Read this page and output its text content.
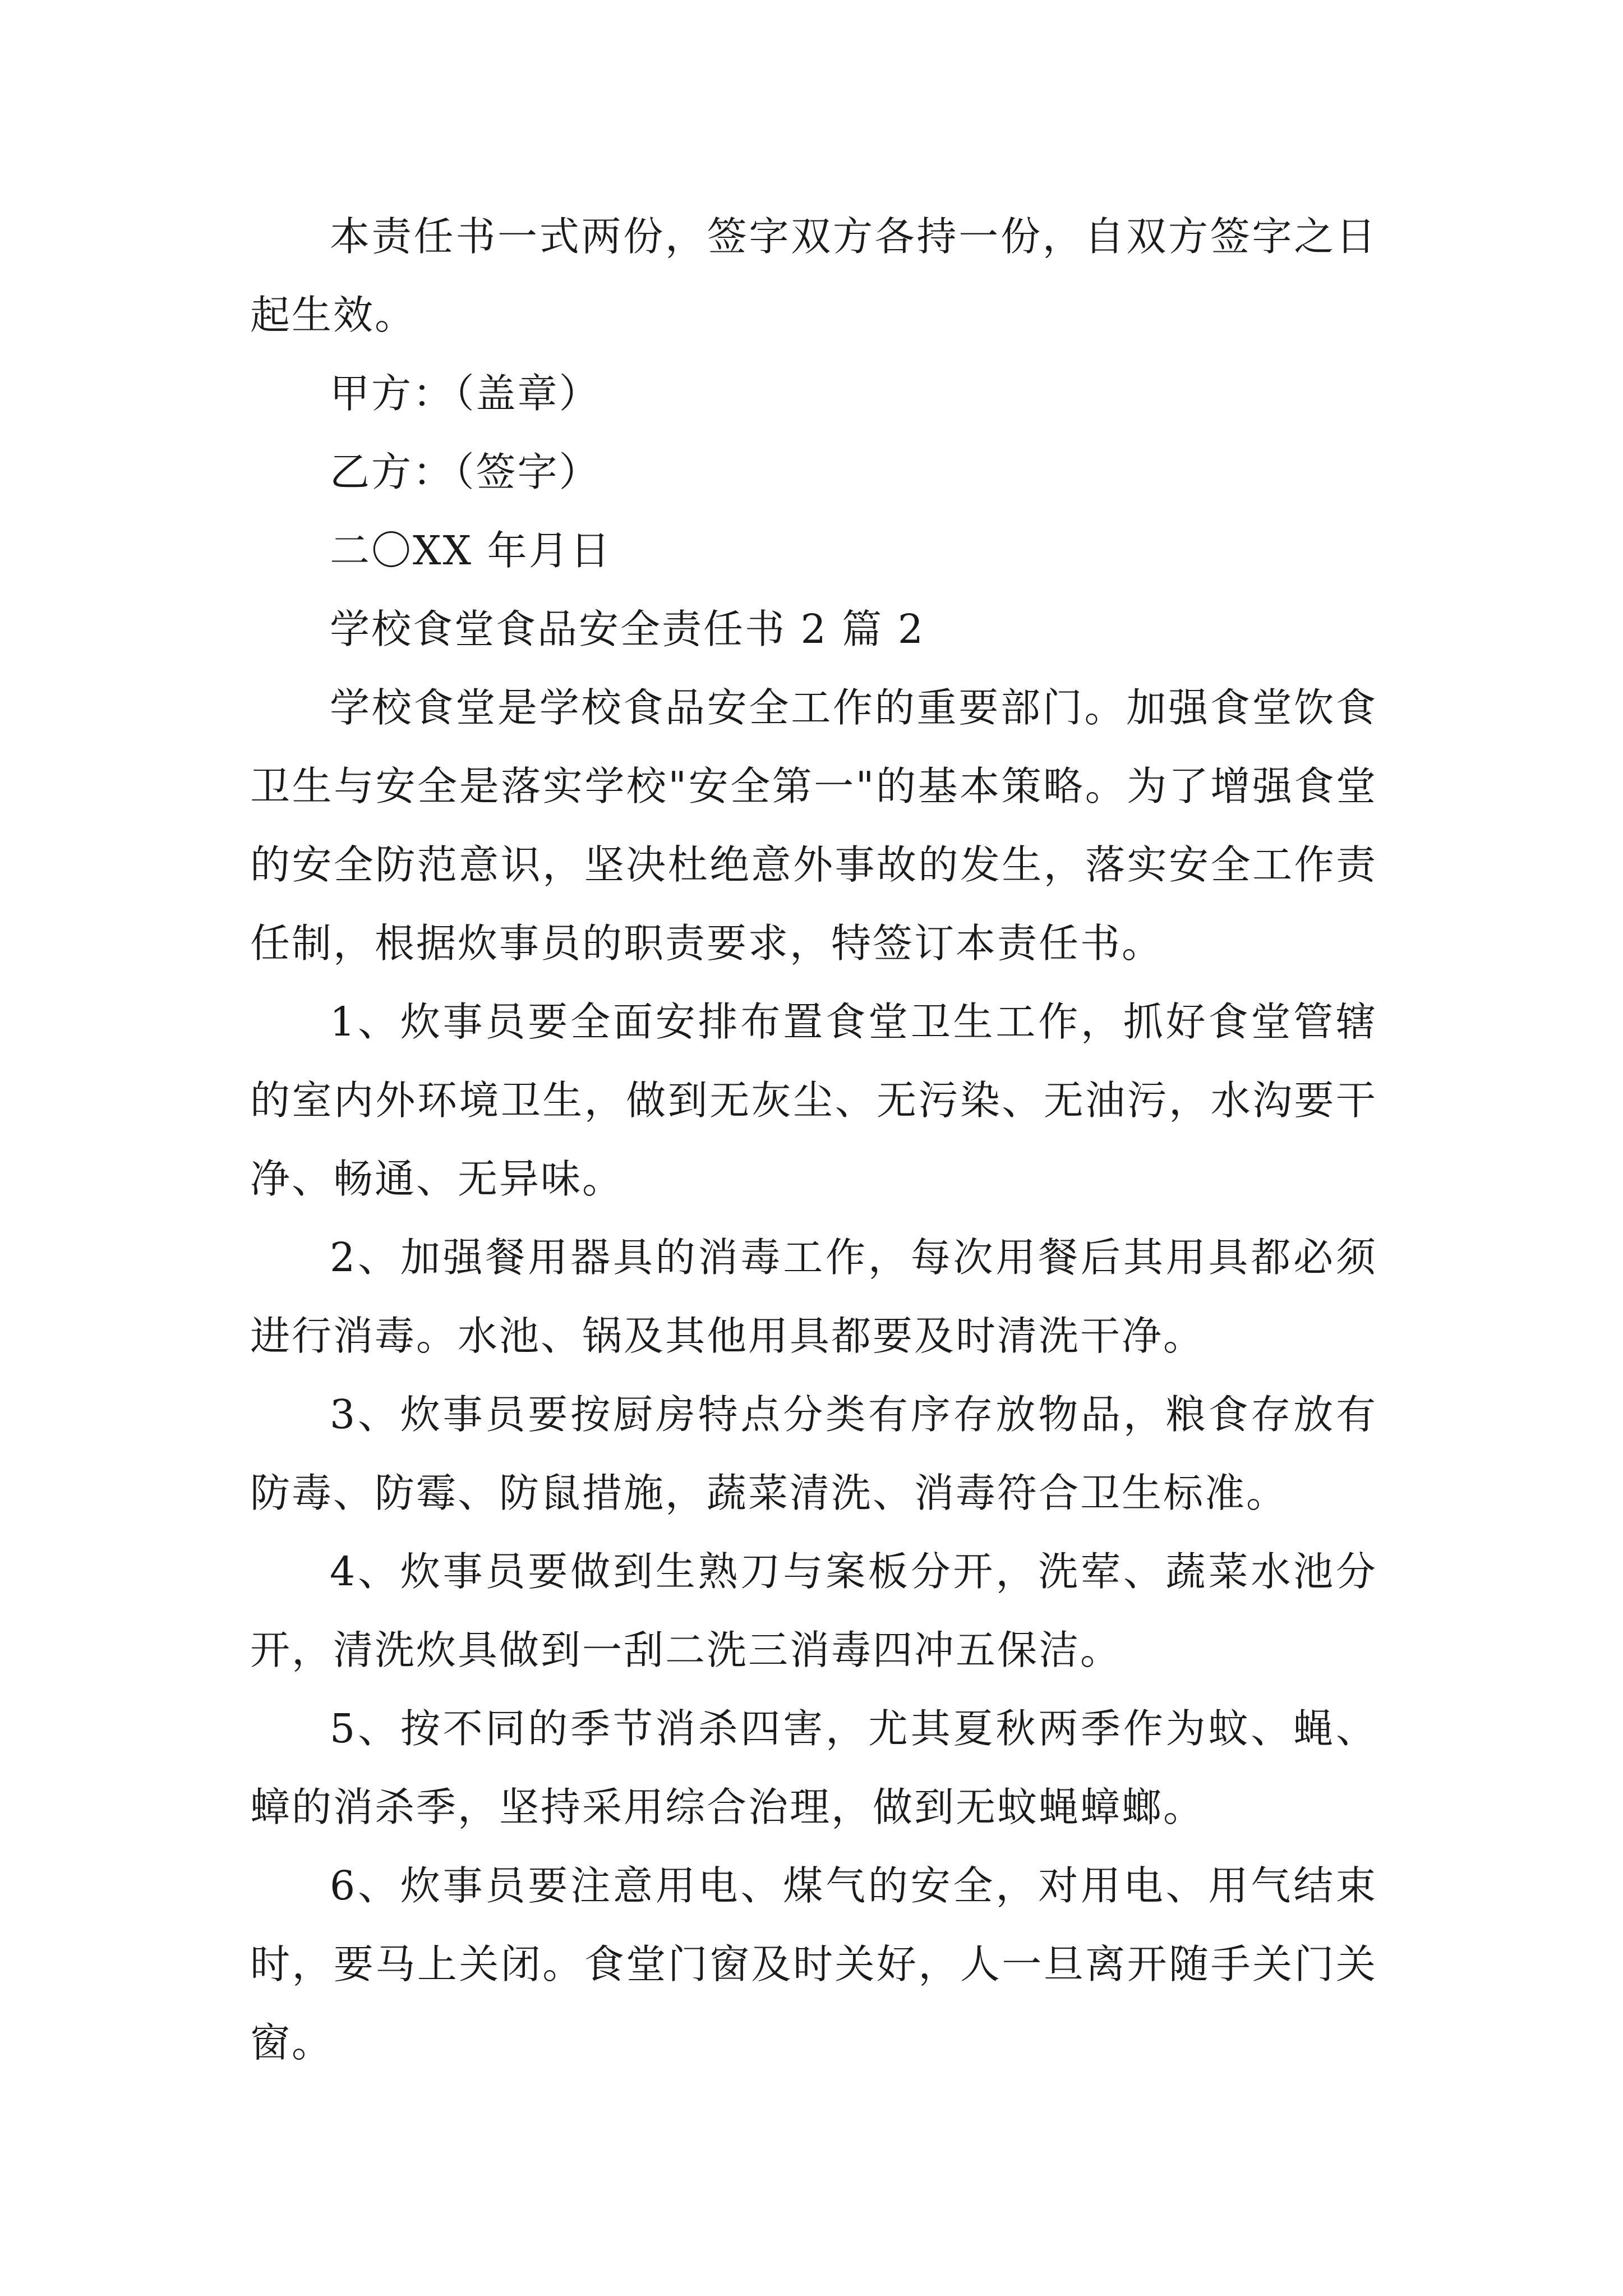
本责任书一式两份，签字双方各持一份，自双方签字之日起生效。

甲方：（盖章）

乙方：（签字）

二〇XX 年月日

学校食堂食品安全责任书 2 篇 2

学校食堂是学校食品安全工作的重要部门。加强食堂饮食卫生与安全是落实学校"安全第一"的基本策略。为了增强食堂的安全防范意识，坚决杜绝意外事故的发生，落实安全工作责任制，根据炊事员的职责要求，特签订本责任书。

1、炊事员要全面安排布置食堂卫生工作，抓好食堂管辖的室内外环境卫生，做到无灰尘、无污染、无油污，水沟要干净、畅通、无异味。

2、加强餐用器具的消毒工作，每次用餐后其用具都必须进行消毒。水池、锅及其他用具都要及时清洗干净。

3、炊事员要按厨房特点分类有序存放物品，粮食存放有防毒、防霉、防鼠措施，蔬菜清洗、消毒符合卫生标准。

4、炊事员要做到生熟刀与案板分开，洗荤、蔬菜水池分开，清洗炊具做到一刮二洗三消毒四冲五保洁。

5、按不同的季节消杀四害，尤其夏秋两季作为蚊、蝇、蟑的消杀季，坚持采用综合治理，做到无蚊蝇蟑螂。

6、炊事员要注意用电、煤气的安全，对用电、用气结束时，要马上关闭。食堂门窗及时关好，人一旦离开随手关门关窗。
